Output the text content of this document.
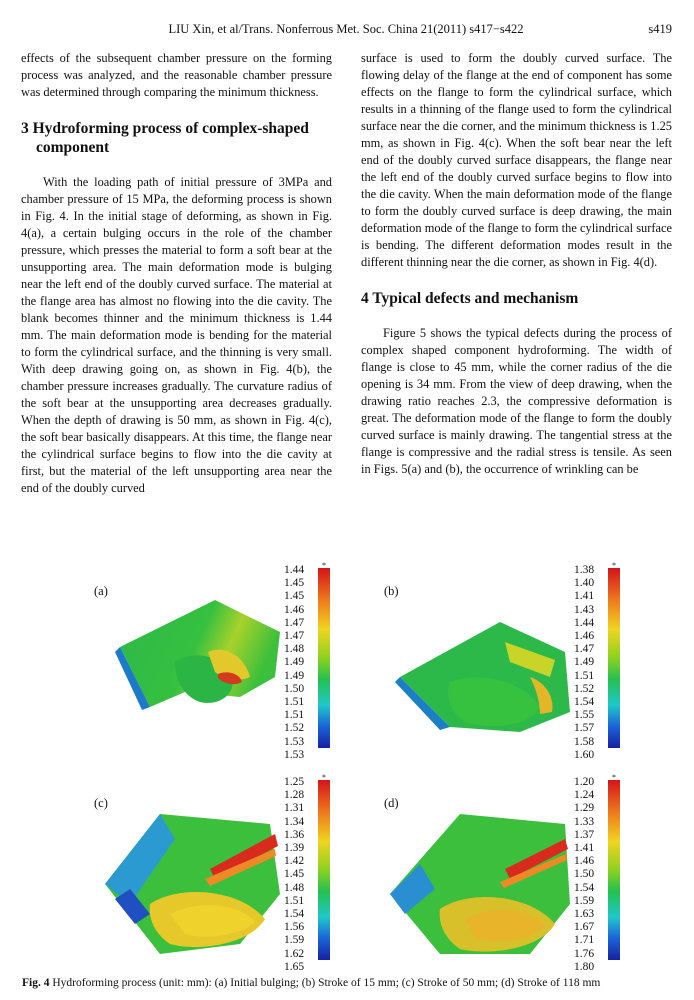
LIU Xin, et al/Trans. Nonferrous Met. Soc. China 21(2011) s417−s422	s419

effects of the subsequent chamber pressure on the forming process was analyzed, and the reasonable chamber pressure was determined through comparing the minimum thickness.

3 Hydroforming process of complex-shaped
component

With the loading path of initial pressure of 3MPa and chamber pressure of 15 MPa, the deforming process is shown in Fig. 4. In the initial stage of deforming, as shown in Fig. 4(a), a certain bulging occurs in the role of the chamber pressure, which presses the material to form a soft bear at the unsupporting area. The main deformation mode is bulging near the left end of the doubly curved surface. The material at the flange area has almost no flowing into the die cavity. The blank becomes thinner and the minimum thickness is 1.44 mm. The main deformation mode is bending for the material to form the cylindrical surface, and the thinning is very small. With deep drawing going on, as shown in Fig. 4(b), the chamber pressure increases gradually. The curvature radius of the soft bear at the unsupporting area decreases gradually. When the depth of drawing is 50 mm, as shown in Fig. 4(c), the soft bear basically disappears. At this time, the flange near the cylindrical surface begins to flow into the die cavity at first, but the material of the left unsupporting area near the end of the doubly curved

surface is used to form the doubly curved surface. The flowing delay of the flange at the end of component has some effects on the flange to form the cylindrical surface, which results in a thinning of the flange used to form the cylindrical surface near the die corner, and the minimum thickness is 1.25 mm, as shown in Fig. 4(c). When the soft bear near the left end of the doubly curved surface disappears, the flange near the left end of the doubly curved surface begins to flow into the die cavity. When the main deformation mode of the flange to form the doubly curved surface is deep drawing, the main deformation mode of the flange to form the cylindrical surface is bending. The different deformation modes result in the different thinning near the die corner, as shown in Fig. 4(d).

4 Typical defects and mechanism

Figure 5 shows the typical defects during the process of complex shaped component hydroforming. The width of flange is close to 45 mm, while the corner radius of the die opening is 34 mm. From the view of deep drawing, when the drawing ratio reaches 2.3, the compressive deformation is great. The deformation mode of the flange to form the doubly curved surface is mainly drawing. The tangential stress at the flange is compressive and the radial stress is tensile. As seen in Figs. 5(a) and (b), the occurrence of wrinkling can be

(a)
1.44
1.45
1.45
1.46
1.47
1.47
1.48
1.49
1.49
1.50
1.51
1.51
1.52
1.53
1.53
*
(b)
1.38
1.40
1.41
1.43
1.44
1.46
1.47
1.49
1.51
1.52
1.54
1.55
1.57
1.58
1.60
*
(c)
1.25
1.28
1.31
1.34
1.36
1.39
1.42
1.45
1.48
1.51
1.54
1.56
1.59
1.62
1.65
*
(d)
1.20
1.24
1.29
1.33
1.37
1.41
1.46
1.50
1.54
1.59
1.63
1.67
1.71
1.76
1.80
*
Fig. 4 Hydroforming process (unit: mm): (a) Initial bulging; (b) Stroke of 15 mm; (c) Stroke of 50 mm; (d) Stroke of 118 mm
